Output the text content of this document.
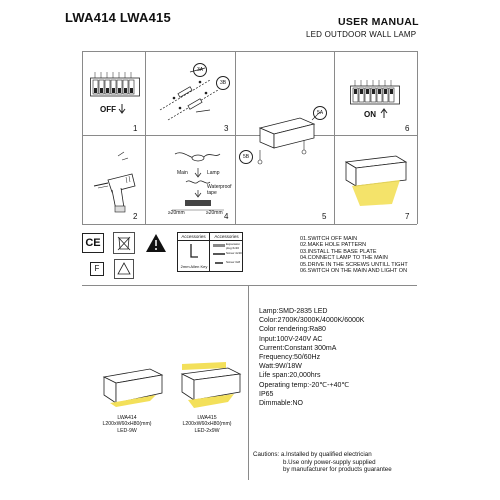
LWA414 LWA415	USER MANUAL
LED OUTDOOR WALL LAMP
1	3	6
2	4	5	7
OFF
3A
3B
ON
Main	Lamp
Waterproof tape
≥20mm	≥20mm
5A
5B
CE
F
Accessories
2mm Allen Key
Accessories
Expansion plug 6x30
Screw 4x30
Screw 3x8
01.SWITCH OFF MAIN
02.MAKE HOLE PATTERN
03.INSTALL THE BASE PLATE
04.CONNECT LAMP TO THE MAIN
05.DRIVE IN THE SCREWS UNTILL TIGHT
06.SWITCH ON THE MAIN AND LIGHT ON
Lamp:SMD-2835 LED
Color:2700K/3000K/4000K/6000K
Color rendering:Ra80
Input:100V-240V AC
Current:Constant 300mA
Frequency:50/60Hz
Watt:9W/18W
Life span:20,000hrs
Operating temp:-20℃-+40℃
IP65
Dimmable:NO
LWA414
L200xW60xH80(mm)
LED-9W
LWA415
L200xW60xH80(mm)
LED-2x9W
Cautions: a.Installed by qualified electrician
b.Use only power-supply supplied
by manufacturer for products guarantee
